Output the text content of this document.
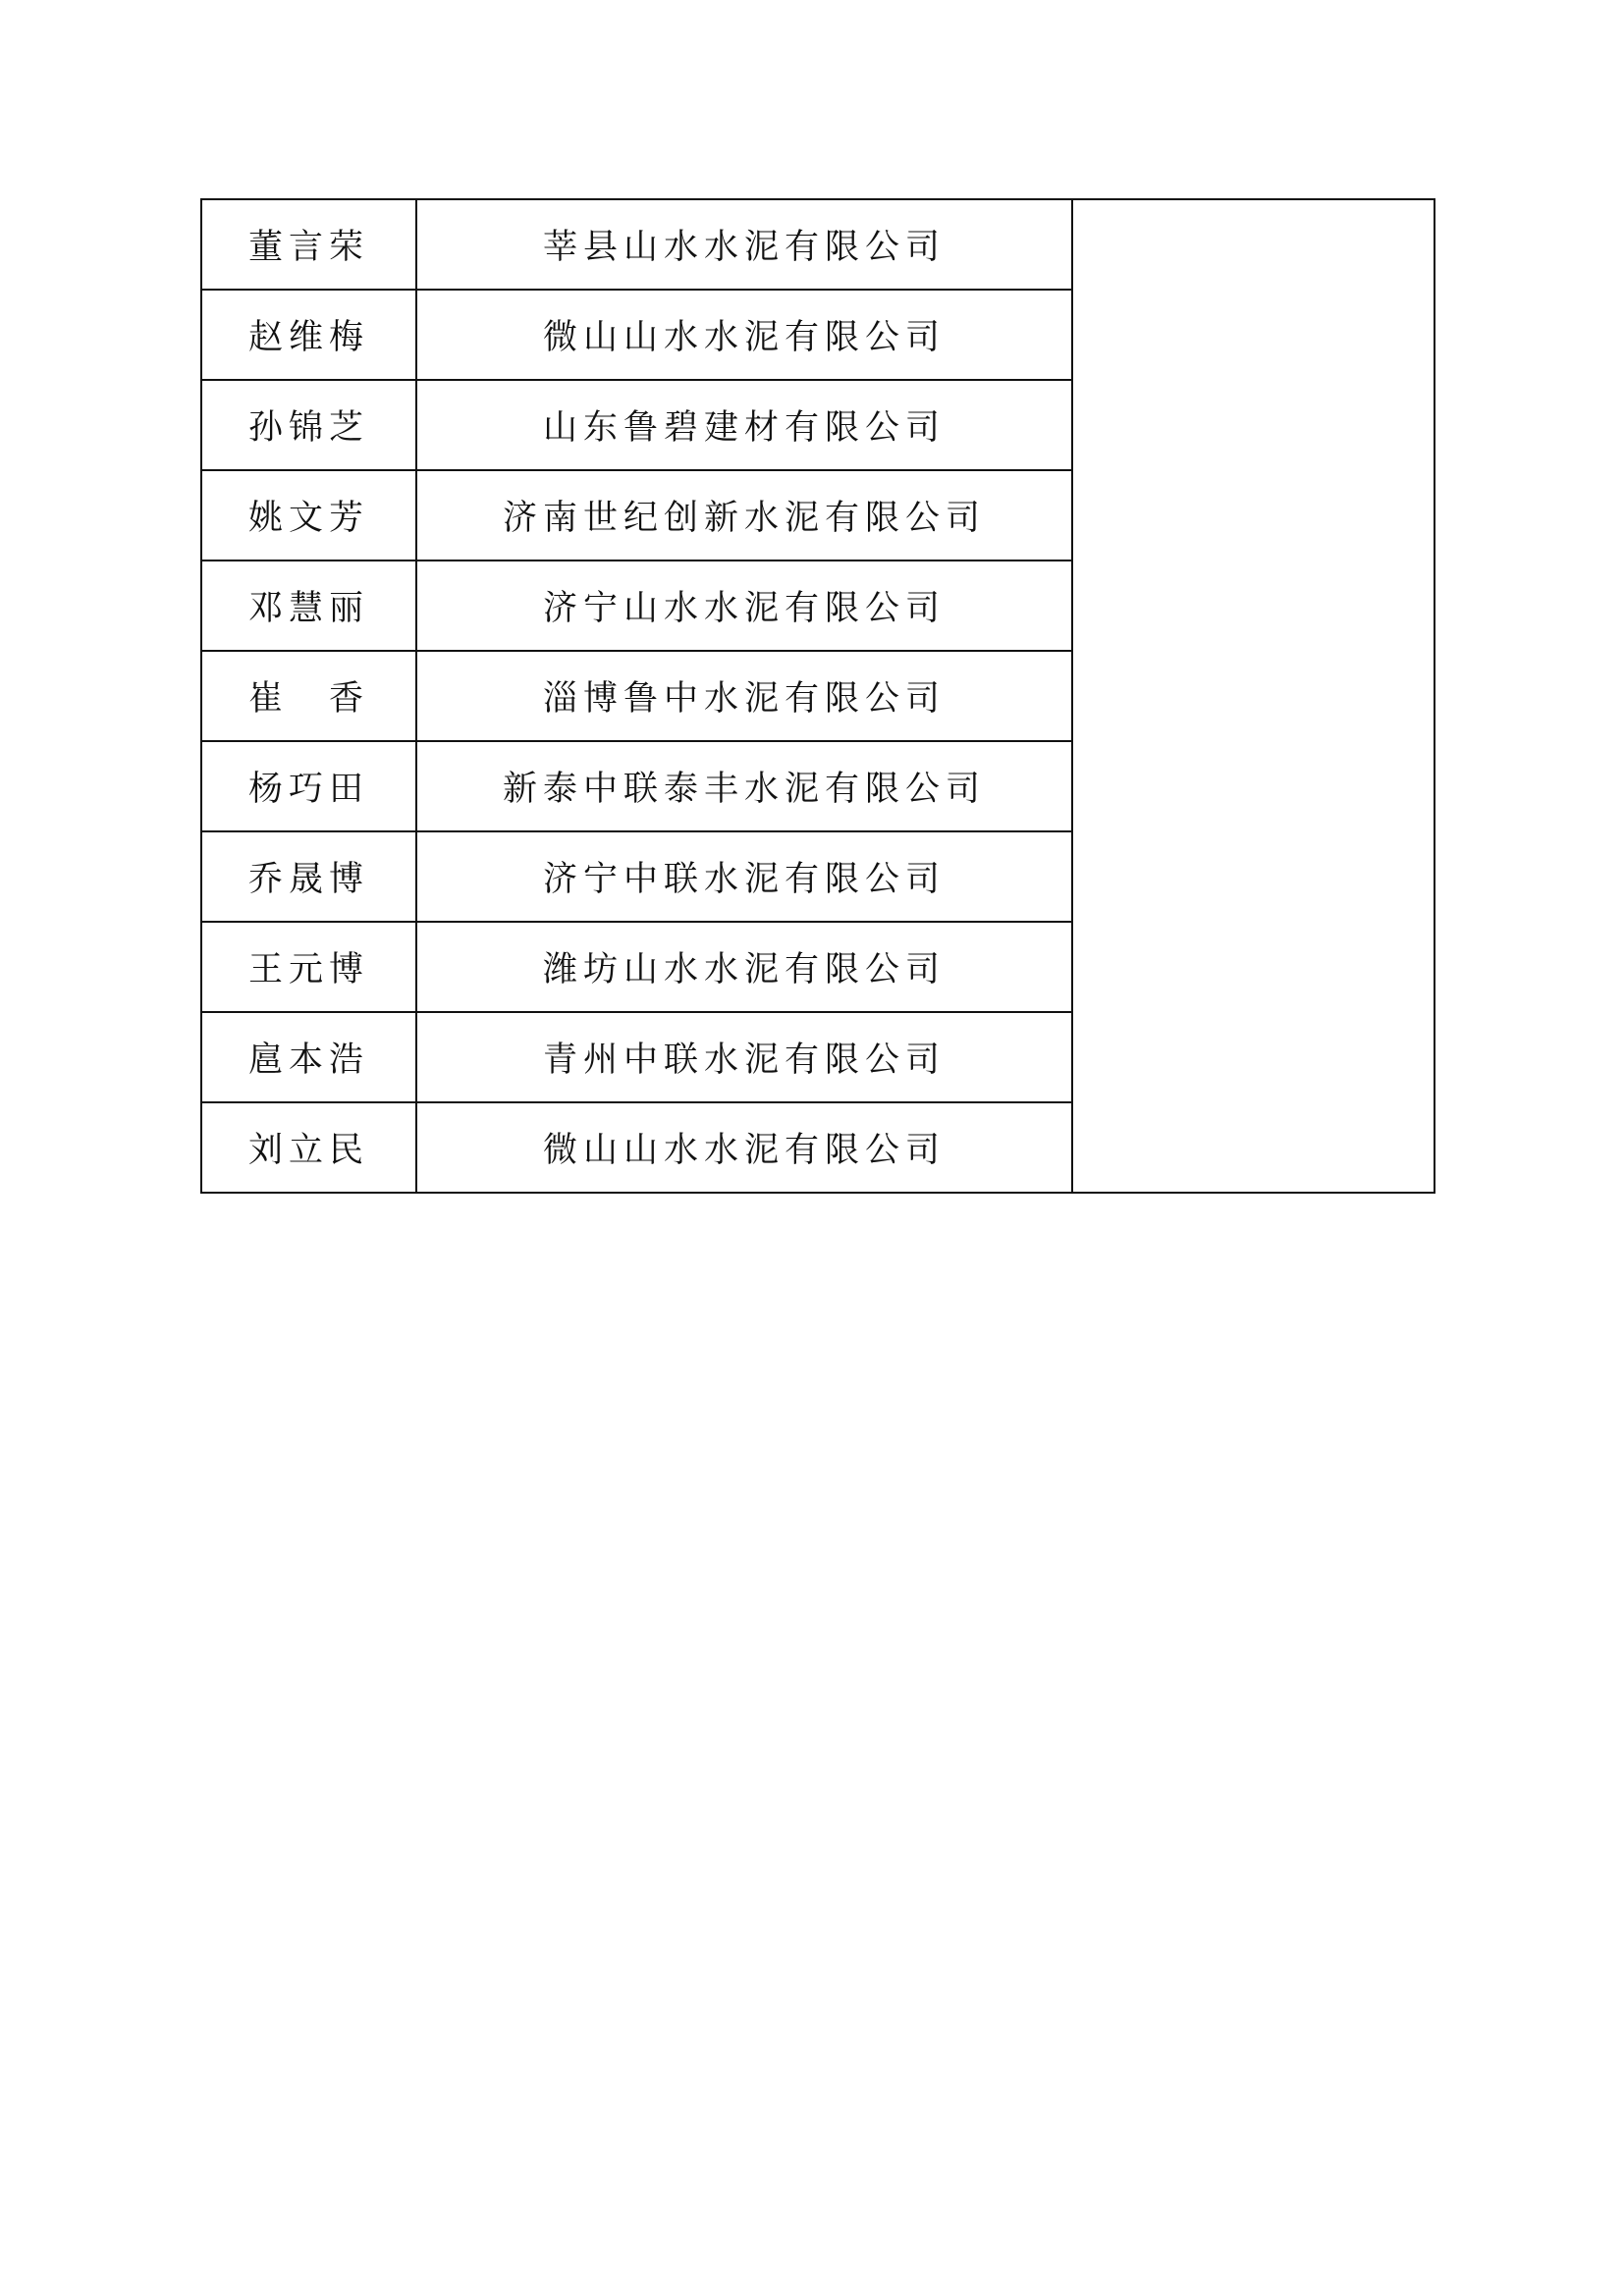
董言荣	莘县山水水泥有限公司	
赵维梅	微山山水水泥有限公司	
孙锦芝	山东鲁碧建材有限公司	
姚文芳	济南世纪创新水泥有限公司	
邓慧丽	济宁山水水泥有限公司	
崔　香	淄博鲁中水泥有限公司	
杨巧田	新泰中联泰丰水泥有限公司	
乔晟博	济宁中联水泥有限公司	
王元博	潍坊山水水泥有限公司	
扈本浩	青州中联水泥有限公司	
刘立民	微山山水水泥有限公司	
